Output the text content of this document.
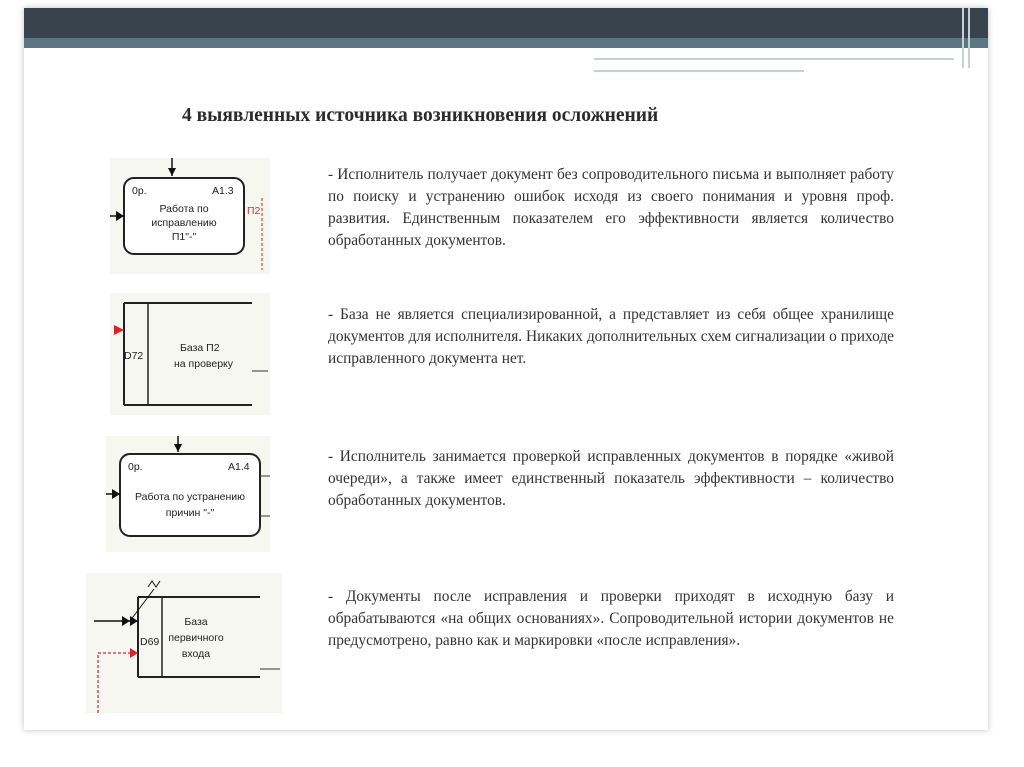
4 выявленных источника возникновения осложнений
0р.	A1.3
Работа по
исправлению
П1"-"
П2
D72
База П2
на проверку
0р.	A1.4
Работа по устранению
причин "-"
D69
База
первичного
входа
- Исполнитель получает документ без сопроводительного письма и выполняет работу по поиску и устранению ошибок исходя из своего понимания и уровня проф. развития. Единственным показателем его эффективности является количество обработанных документов.
- База не является специализированной, а представляет из себя общее хранилище документов для исполнителя. Никаких дополнительных схем сигнализации о приходе исправленного документа нет.
- Исполнитель занимается проверкой исправленных документов в порядке «живой очереди», а также имеет единственный показатель эффективности – количество обработанных документов.
- Документы после исправления и проверки приходят в исходную базу и обрабатываются «на общих основаниях». Сопроводительной истории документов не предусмотрено, равно как и маркировки «после исправления».
